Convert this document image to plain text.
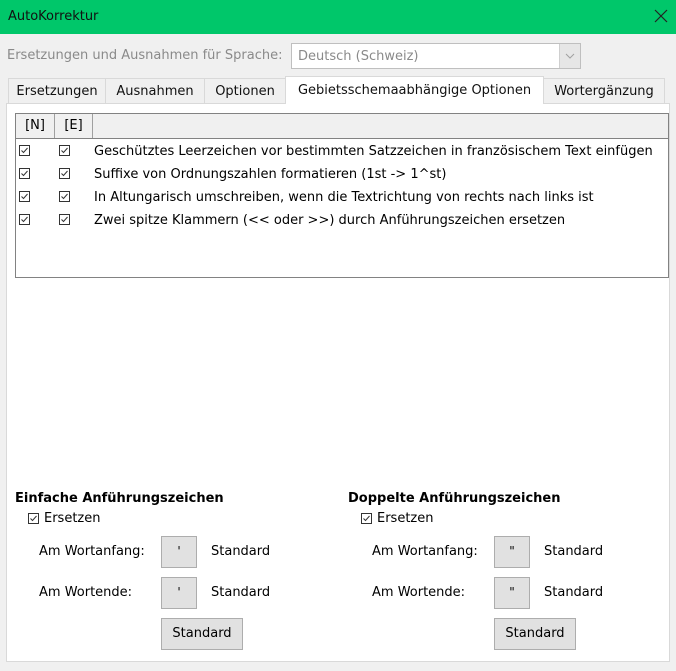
AutoKorrektur
Ersetzungen und Ausnahmen für Sprache: Deutsch (Schweiz)
Ersetzungen	Ausnahmen	Optionen	Gebietsschemaabhängige Optionen	Wortergänzung
[N]	[E]
Geschütztes Leerzeichen vor bestimmten Satzzeichen in französischem Text einfügen
Suffixe von Ordnungszahlen formatieren (1st -> 1^st)
In Altungarisch umschreiben, wenn die Textrichtung von rechts nach links ist
Zwei spitze Klammern (<< oder >>) durch Anführungszeichen ersetzen
Einfache Anführungszeichen
Ersetzen
Am Wortanfang:	'	Standard
Am Wortende:	'	Standard
Standard
Doppelte Anführungszeichen
Ersetzen
Am Wortanfang:	"	Standard
Am Wortende:	"	Standard
Standard
